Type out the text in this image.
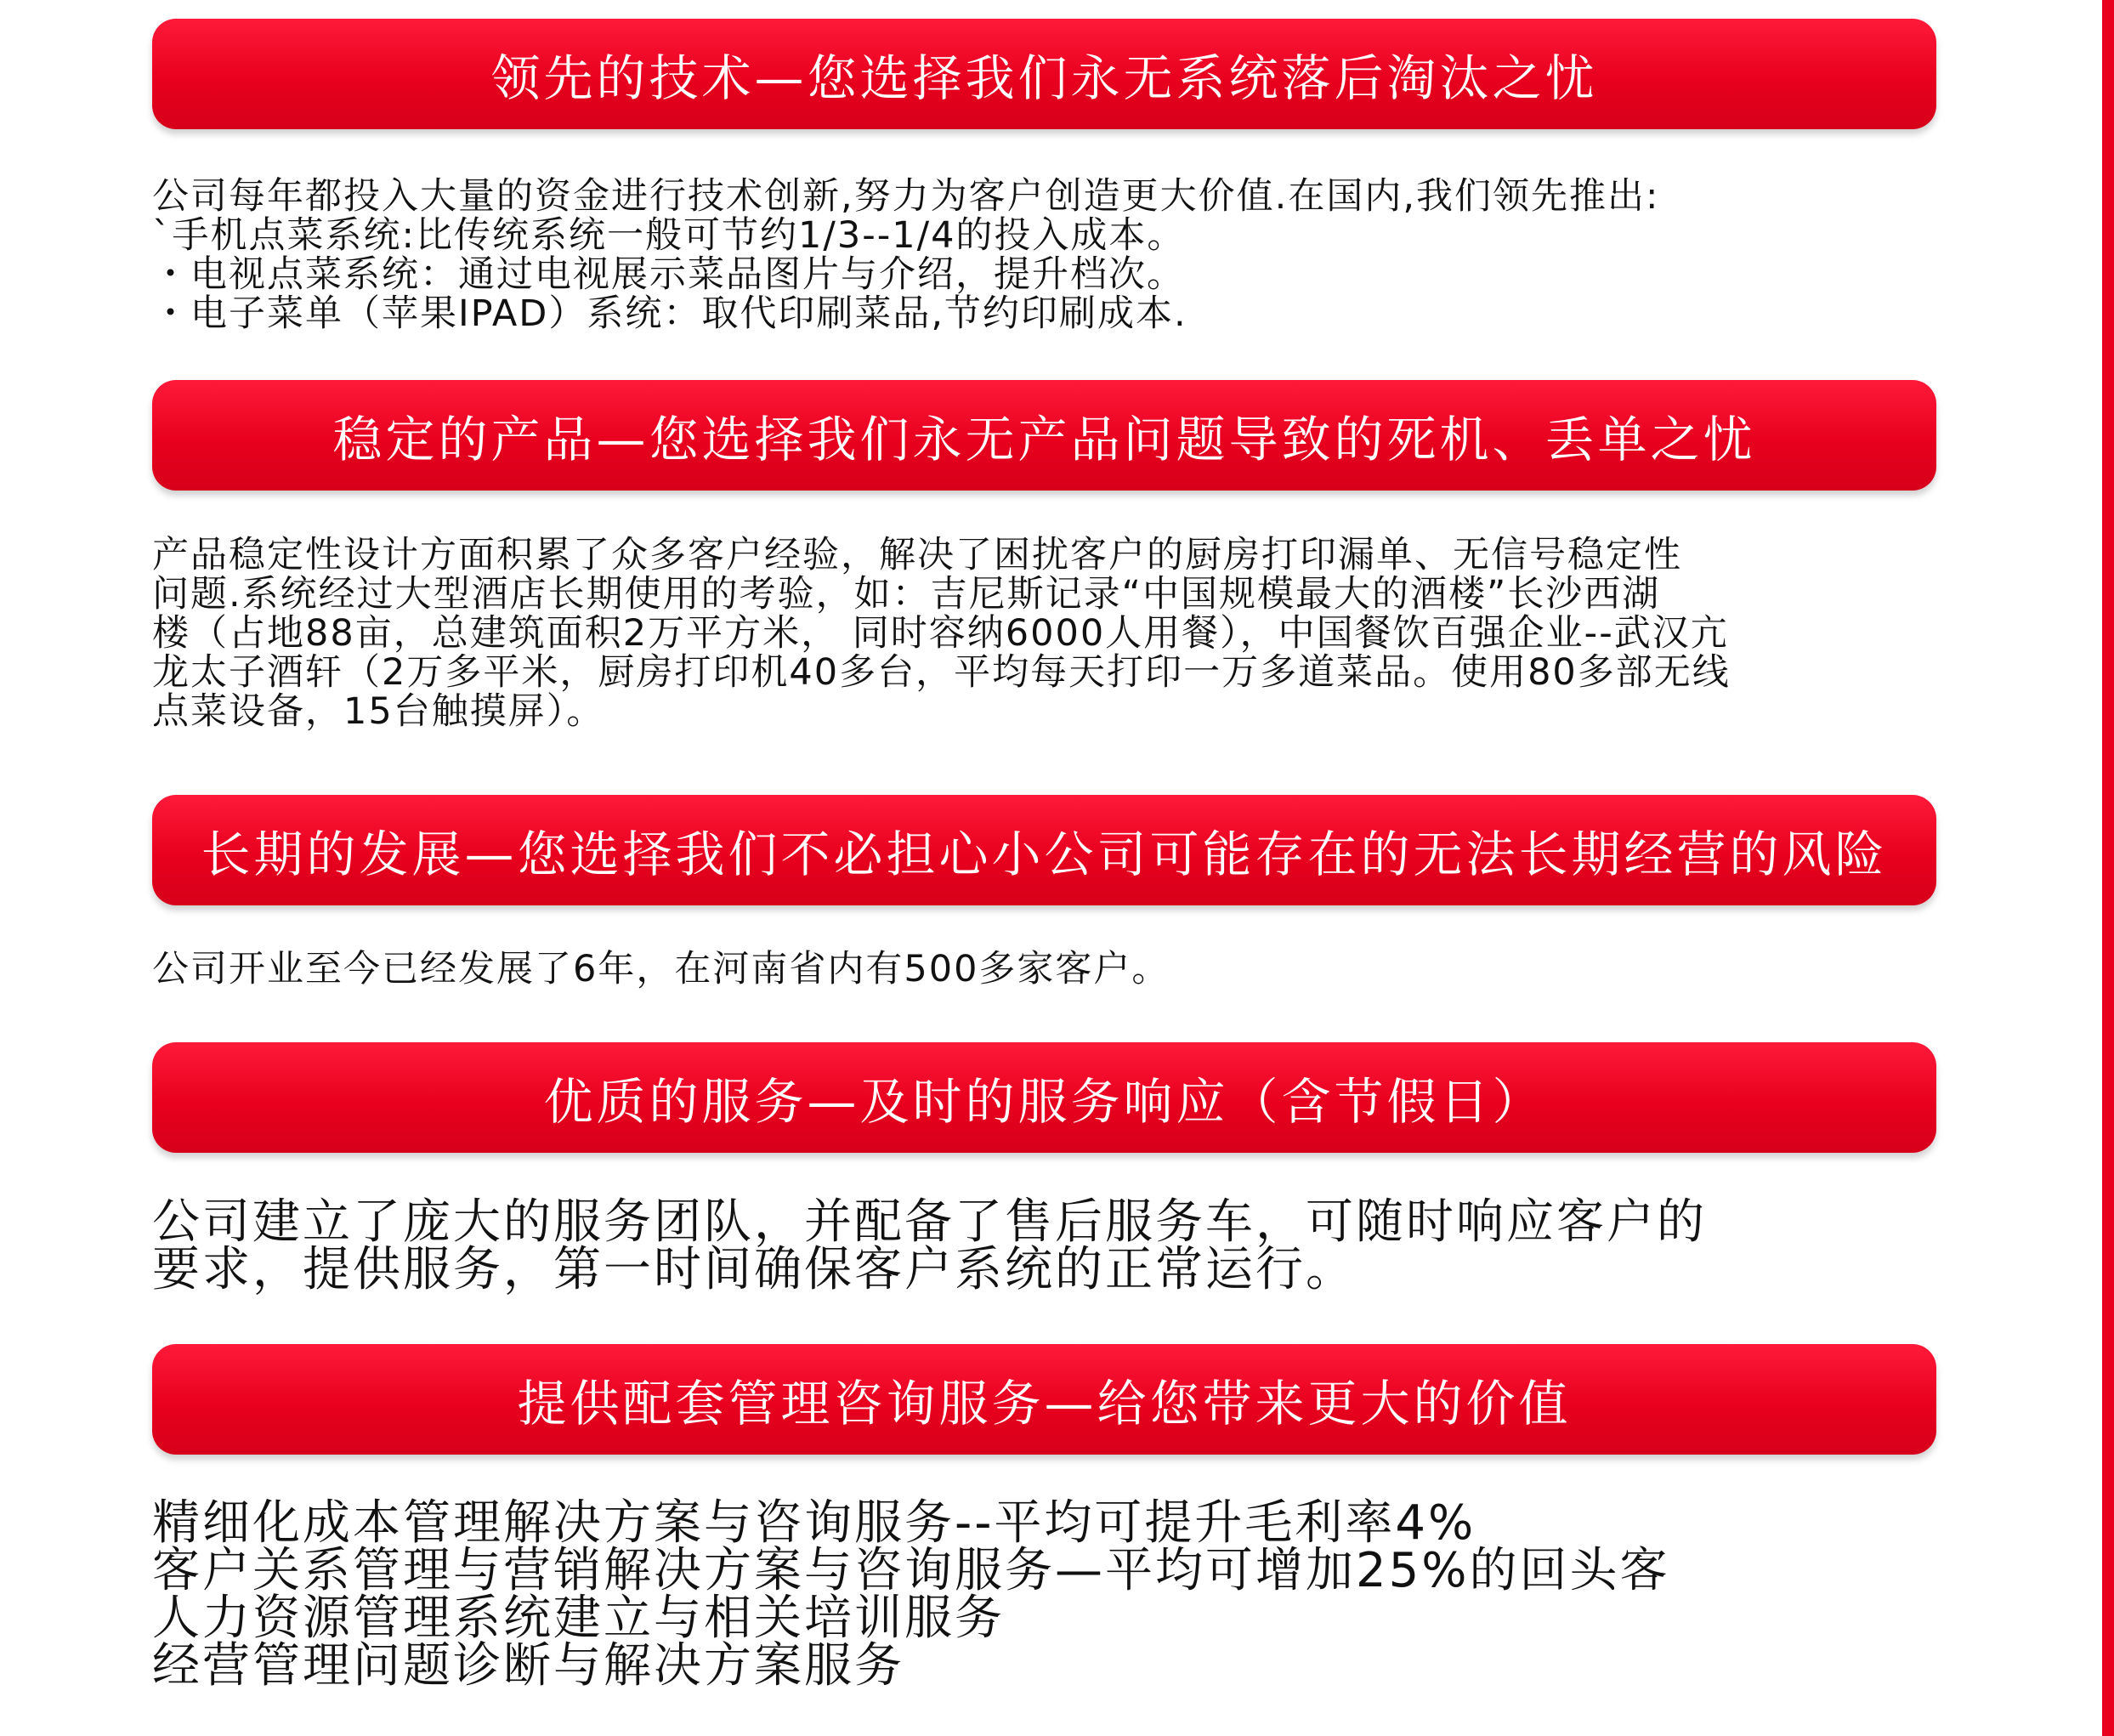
领先的技术—您选择我们永无系统落后淘汰之忧
公司每年都投入大量的资金进行技术创新,努力为客户创造更大价值.在国内,我们领先推出:
`手机点菜系统:比传统系统一般可节约1/3--1/4的投入成本。
・电视点菜系统：通过电视展示菜品图片与介绍，提升档次。
・电子菜单（苹果IPAD）系统：取代印刷菜品,节约印刷成本.
稳定的产品—您选择我们永无产品问题导致的死机、丢单之忧
产品稳定性设计方面积累了众多客户经验，解决了困扰客户的厨房打印漏单、无信号稳定性
问题.系统经过大型酒店长期使用的考验，如：吉尼斯记录“中国规模最大的酒楼”长沙西湖
楼（占地88亩，总建筑面积2万平方米， 同时容纳6000人用餐），中国餐饮百强企业--武汉亢
龙太子酒轩（2万多平米，厨房打印机40多台，平均每天打印一万多道菜品。使用80多部无线
点菜设备，15台触摸屏）。
长期的发展—您选择我们不必担心小公司可能存在的无法长期经营的风险
公司开业至今已经发展了6年，在河南省内有500多家客户。
优质的服务—及时的服务响应（含节假日）
公司建立了庞大的服务团队，并配备了售后服务车，可随时响应客户的
要求，提供服务，第一时间确保客户系统的正常运行。
提供配套管理咨询服务—给您带来更大的价值
精细化成本管理解决方案与咨询服务--平均可提升毛利率4%
客户关系管理与营销解决方案与咨询服务—平均可增加25%的回头客
人力资源管理系统建立与相关培训服务
经营管理问题诊断与解决方案服务
